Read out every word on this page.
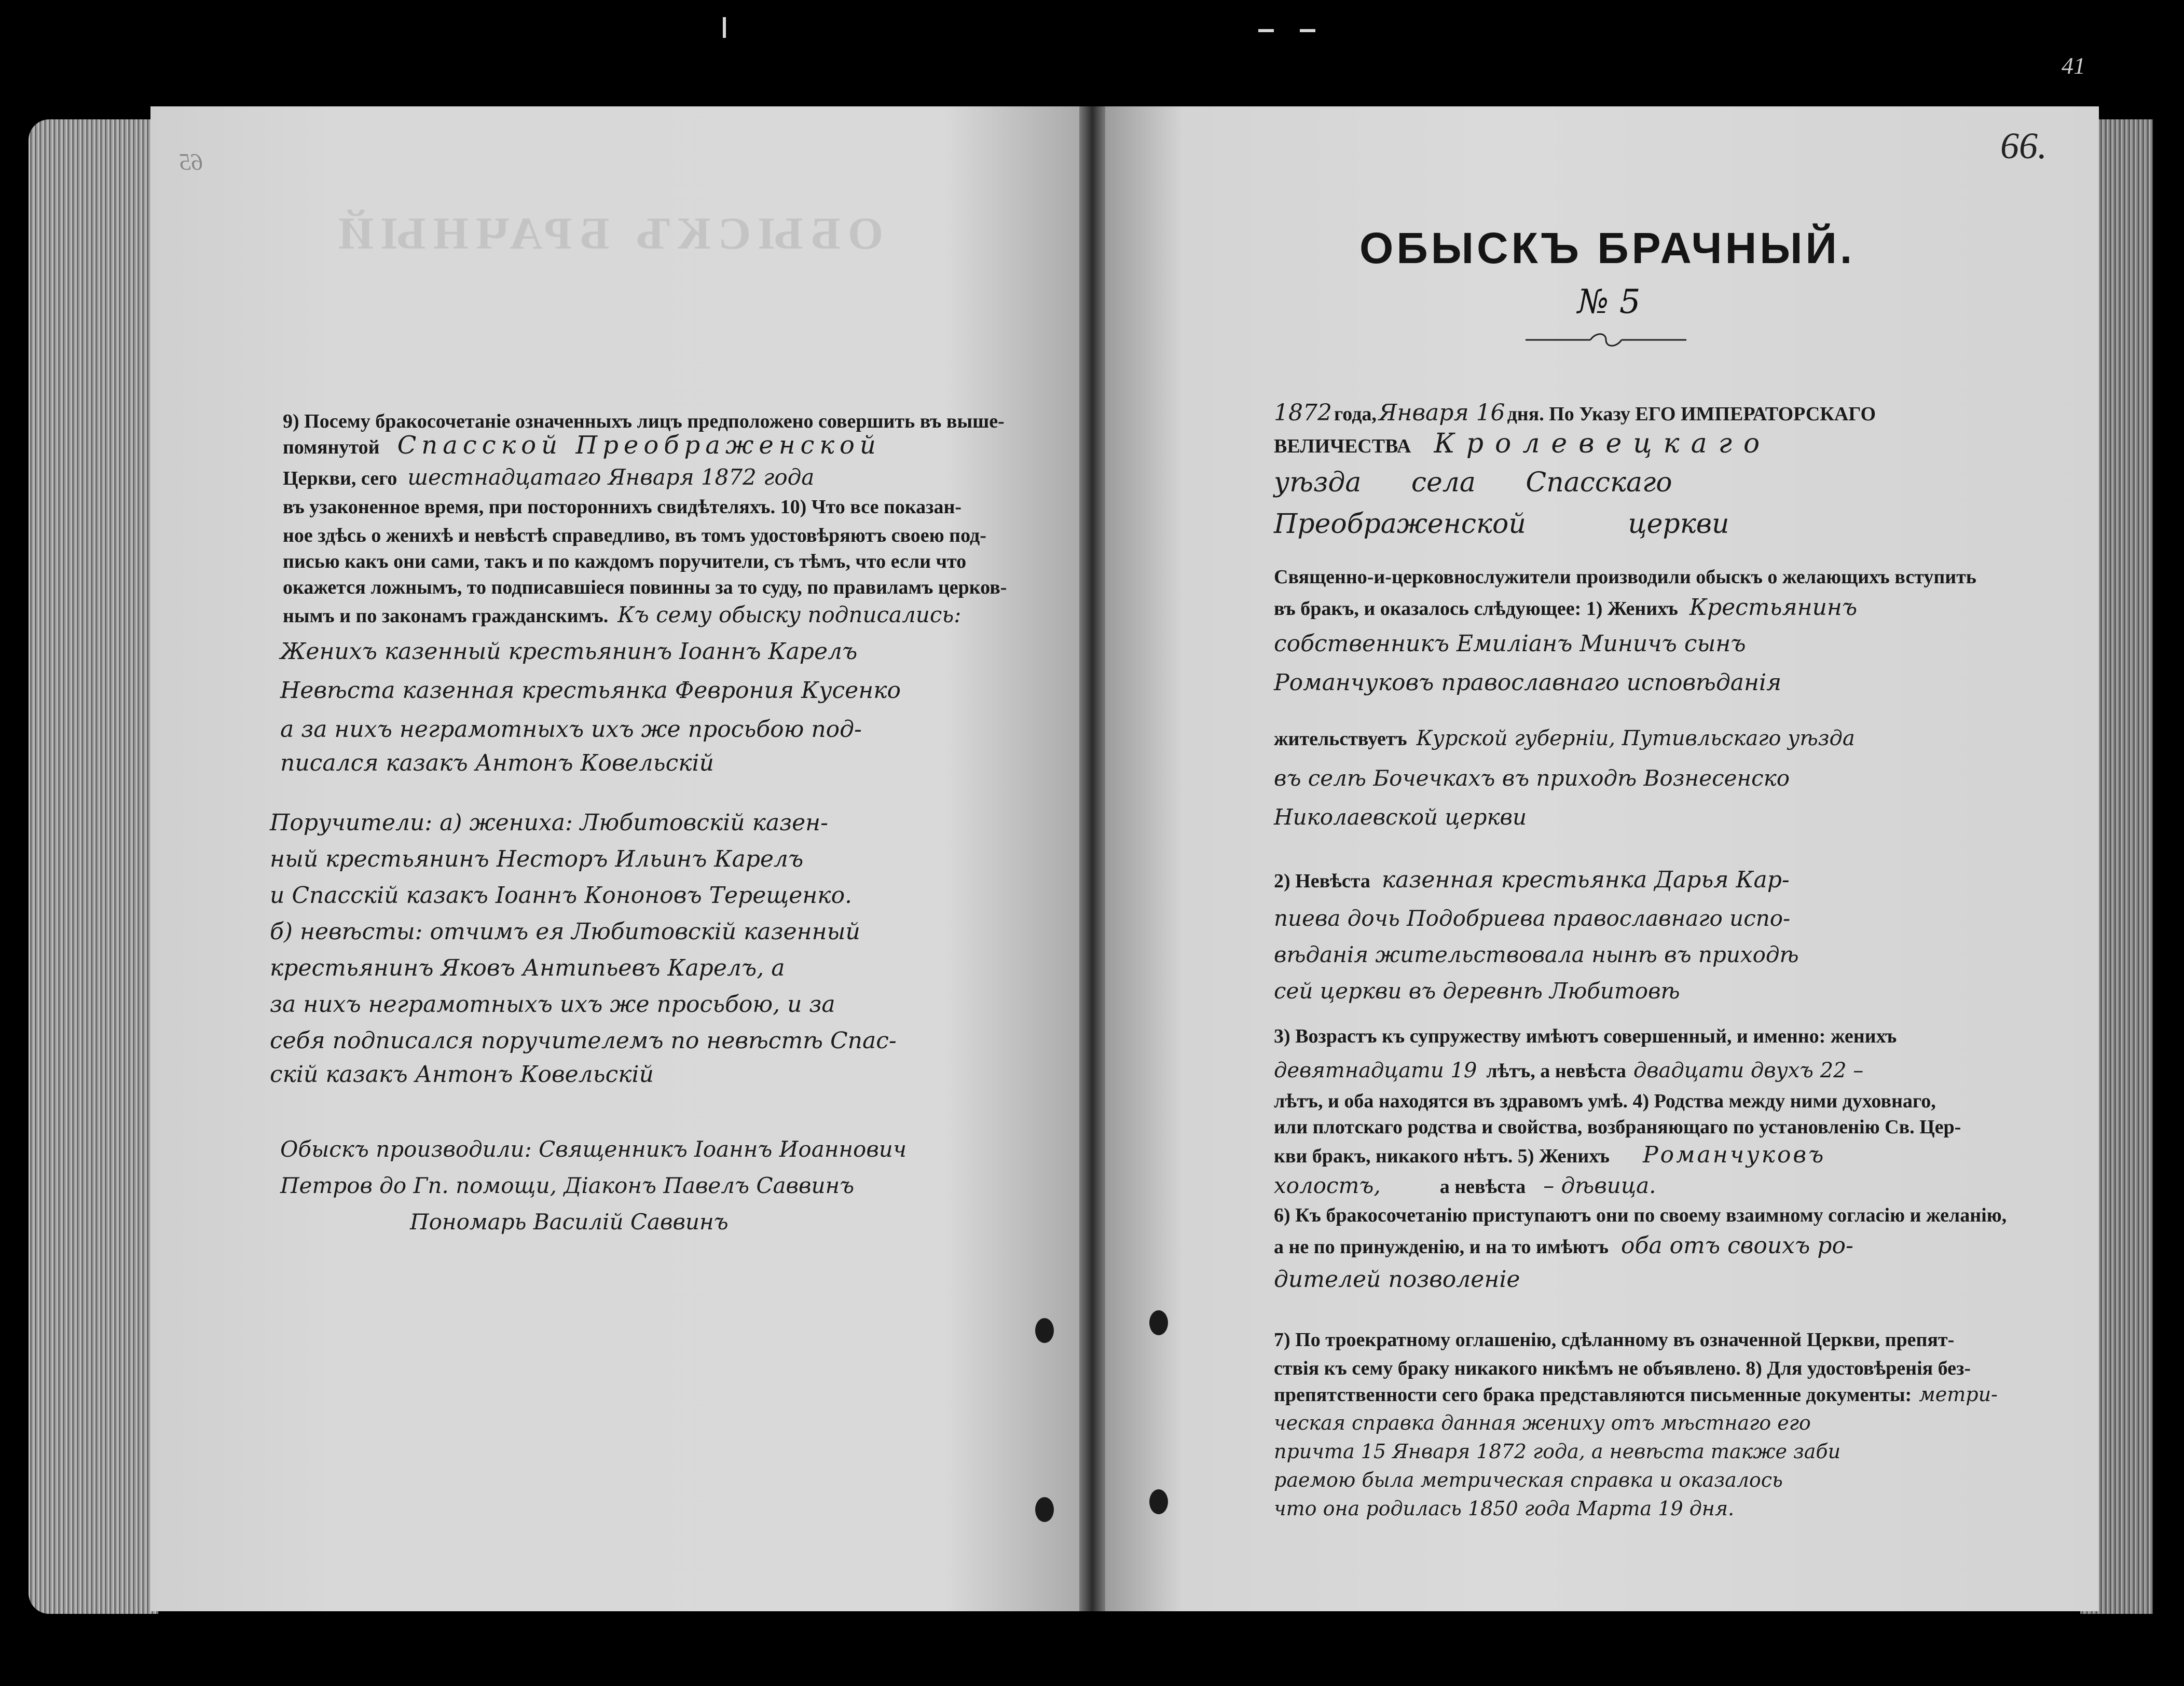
41
ОБЫСКЪ БРАЧНЫЙ
65	66.
9) Посему бракосочетаніе означенныхъ лицъ предположено совершить въ выше-
помянутой Спасской Преображенской
Церкви, сего шестнадцатаго Января 1872 года
въ узаконенное время, при постороннихъ свидѣтеляхъ. 10) Что все показан-
ное здѣсь о женихѣ и невѣстѣ справедливо, въ томъ удостовѣряютъ своею под-
писью какъ они сами, такъ и по каждомъ поручители, съ тѣмъ, что если что
окажется ложнымъ, то подписавшіеся повинны за то суду, по правиламъ церков-
нымъ и по законамъ гражданскимъ. Къ сему обыску подписались:
Женихъ казенный крестьянинъ Іоаннъ Карелъ
Невѣста казенная крестьянка Феврония Кусенко
а за нихъ неграмотныхъ ихъ же просьбою под-
писался казакъ Антонъ Ковельскій
Поручители: а) жениха: Любитовскій казен-
ный крестьянинъ Несторъ Ильинъ Карелъ
и Спасскій казакъ Іоаннъ Кононовъ Терещенко.
б) невѣсты: отчимъ ея Любитовскій казенный
крестьянинъ Яковъ Антипьевъ Карелъ, а
за нихъ неграмотныхъ ихъ же просьбою, и за
себя подписался поручителемъ по невѣстѣ Спас-
скій казакъ Антонъ Ковельскій
Обыскъ производили: Священникъ Іоаннъ Иоаннович
Петров до Гп. помощи, Діаконъ Павелъ Саввинъ
Пономарь Василій Саввинъ
ОБЫСКЪ БРАЧНЫЙ.
№ 5
1872 года, Января 16 дня. По Указу ЕГО ИМПЕРАТОРСКАГО
ВЕЛИЧЕСТВА Кролевецкаго
уѣзда села Спасскаго
Преображенской церкви
Священно-и-церковнослужители производили обыскъ о желающихъ вступить
въ бракъ, и оказалось слѣдующее: 1) Женихъ Крестьянинъ
собственникъ Емиліанъ Миничъ сынъ
Романчуковъ православнаго исповѣданія
жительствуетъ Курской губерніи, Путивльскаго уѣзда
въ селѣ Бочечкахъ въ приходѣ Вознесенско
Николаевской церкви
2) Невѣста казенная крестьянка Дарья Кар-
пиева дочь Подобриева православнаго испо-
вѣданія жительствовала нынѣ въ приходѣ
сей церкви въ деревнѣ Любитовѣ
3) Возрастъ къ супружеству имѣютъ совершенный, и именно: женихъ
девятнадцати 19 лѣтъ, а невѣста двадцати двухъ 22 –
лѣтъ, и оба находятся въ здравомъ умѣ. 4) Родства между ними духовнаго,
или плотскаго родства и свойства, возбраняющаго по установленію Св. Цер-
кви бракъ, никакого нѣтъ. 5) Женихъ Романчуковъ
холостъ,	а невѣста – дѣвица.
6) Къ бракосочетанію приступаютъ они по своему взаимному согласію и желанію,
а не по принужденію, и на то имѣютъ оба отъ своихъ ро-
дителей позволеніе
7) По троекратному оглашенію, сдѣланному въ означенной Церкви, препят-
ствія къ сему браку никакого никѣмъ не объявлено. 8) Для удостовѣренія без-
препятственности сего брака представляются письменные документы: метри-
ческая справка данная жениху отъ мѣстнаго его
причта 15 Января 1872 года, а невѣста также заби
раемою была метрическая справка и оказалось
что она родилась 1850 года Марта 19 дня.
